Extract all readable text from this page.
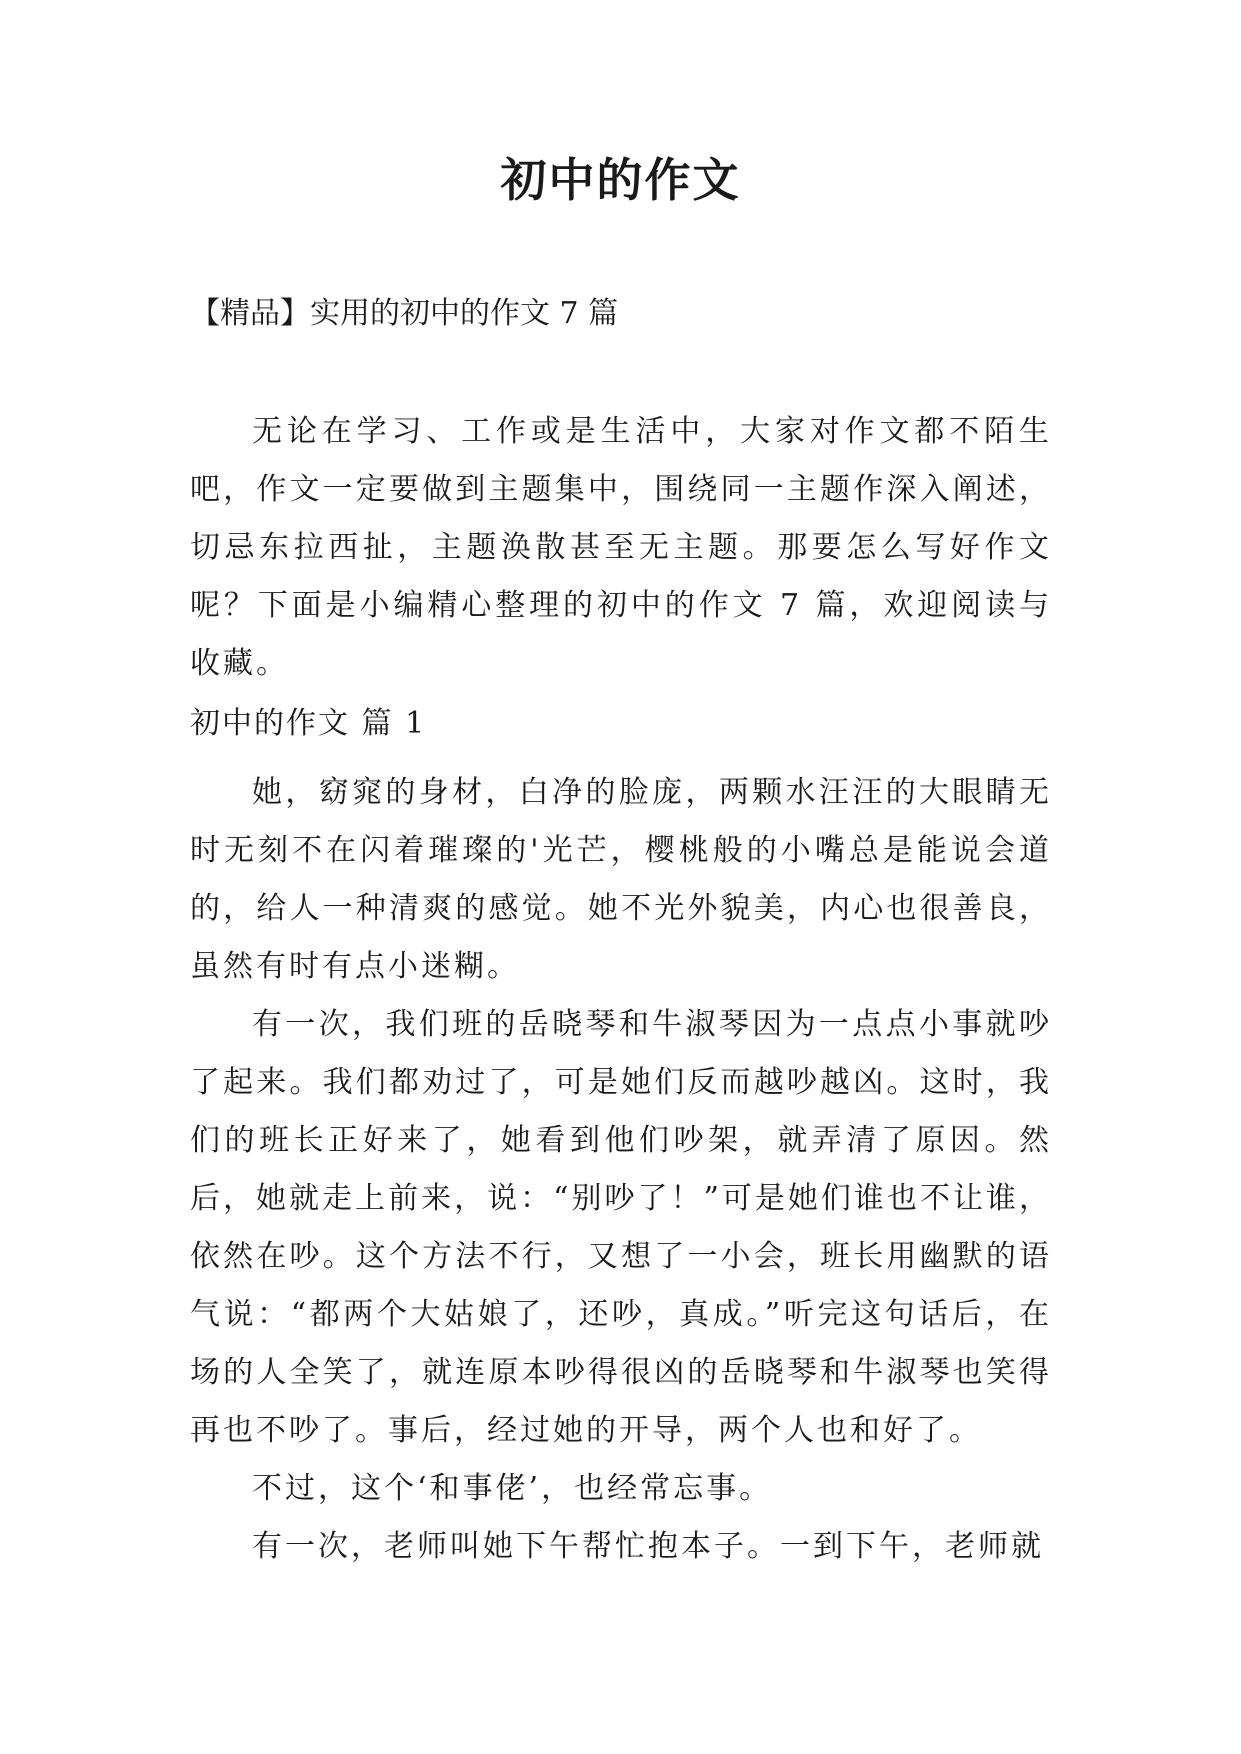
初中的作文
【精品】实用的初中的作文 7 篇

无论在学习、工作或是生活中，大家对作文都不陌生吧，作文一定要做到主题集中，围绕同一主题作深入阐述，切忌东拉西扯，主题涣散甚至无主题。那要怎么写好作文呢？下面是小编精心整理的初中的作文 7 篇，欢迎阅读与收藏。

初中的作文 篇 1

她，窈窕的身材，白净的脸庞，两颗水汪汪的大眼睛无时无刻不在闪着璀璨的'光芒，樱桃般的小嘴总是能说会道的，给人一种清爽的感觉。她不光外貌美，内心也很善良，虽然有时有点小迷糊。

有一次，我们班的岳晓琴和牛淑琴因为一点点小事就吵了起来。我们都劝过了，可是她们反而越吵越凶。这时，我们的班长正好来了，她看到他们吵架，就弄清了原因。然后，她就走上前来，说：“别吵了！”可是她们谁也不让谁，依然在吵。这个方法不行，又想了一小会，班长用幽默的语气说：“都两个大姑娘了，还吵，真成。”听完这句话后，在场的人全笑了，就连原本吵得很凶的岳晓琴和牛淑琴也笑得再也不吵了。事后，经过她的开导，两个人也和好了。

不过，这个‘和事佬’，也经常忘事。

有一次，老师叫她下午帮忙抱本子。一到下午，老师就
